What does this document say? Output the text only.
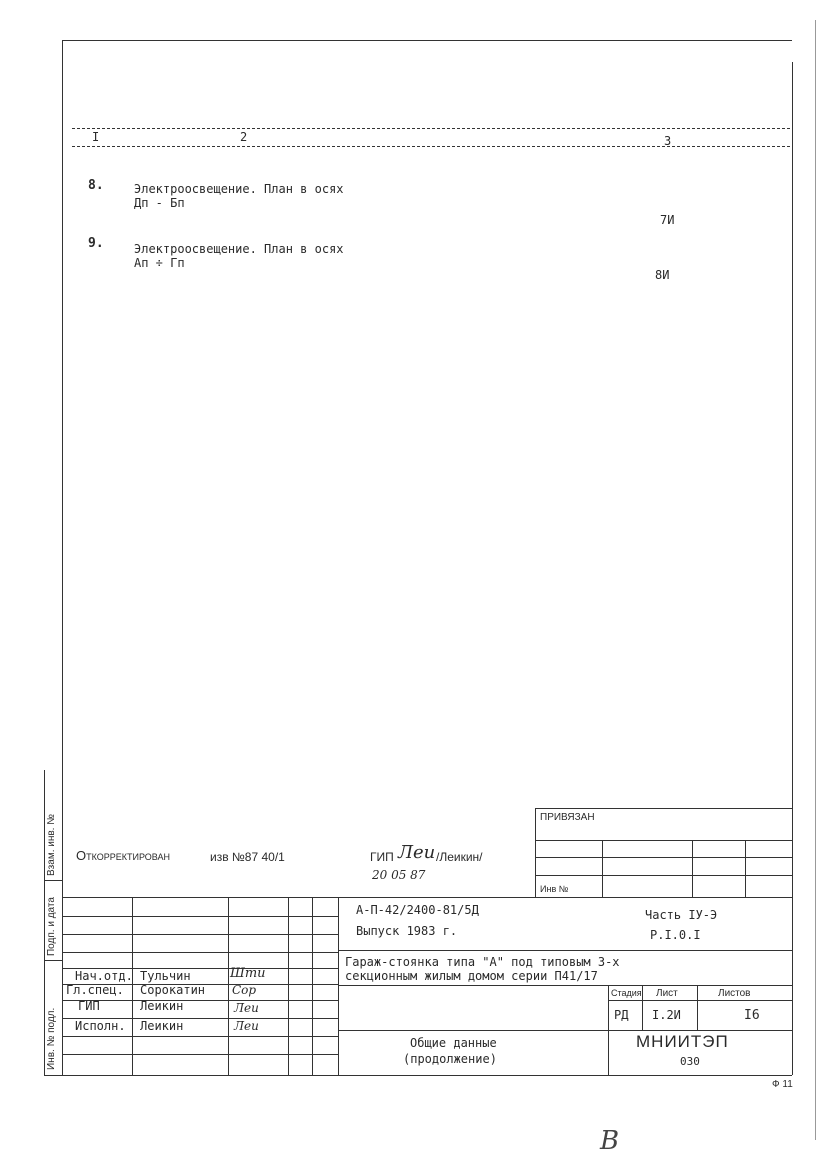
I	2	3
8.	Электроосвещение. План в осях
Дп - Бп
7И
9.	Электроосвещение. План в осях
Ап ÷ Гп
8И
Взам. инв. №
Подп. и дата
Инв. № подл.
Откорректирован	изв №87 40/1	ГИП Леи /Леикин/
20 05 87
ПРИВЯЗАН
Инв №
Нач.отд. Тульчин	Шти
Гл.спец. Сорокатин Сор
ГИП	Леикин	Леи
Исполн. Леикин	Леи
А-П-42/2400-81/5Д
Выпуск 1983 г.
Часть IУ-Э
Р.I.0.I
Гараж-стоянка типа "А" под типовым 3-х
секционным жилым домом серии П41/17
Стадия Лист	Листов
РД I.2И	I6
Общие данные
(продолжение)
МНИИТЭП
030
Ф 11
В
